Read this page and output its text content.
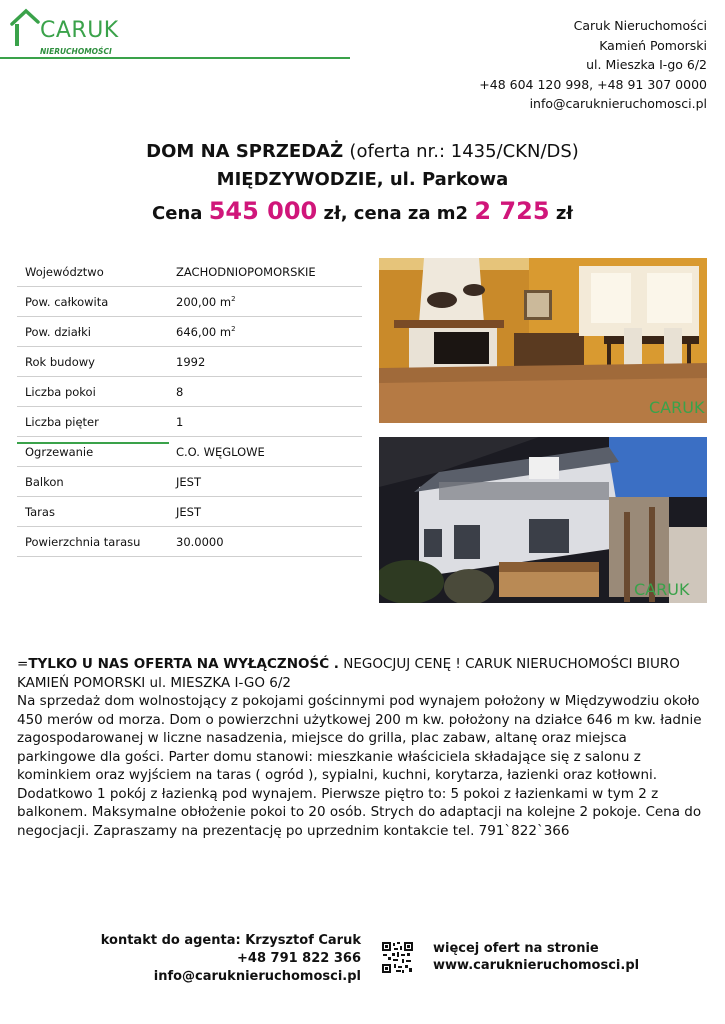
CARUK
NIERUCHOMOŚCI
Caruk Nieruchomości
Kamień Pomorski
ul. Mieszka I-go 6/2
+48 604 120 998, +48 91 307 0000
info@caruknieruchomosci.pl
DOM NA SPRZEDAŻ (oferta nr.: 1435/CKN/DS)
MIĘDZYWODZIE, ul. Parkowa
Cena 545 000 zł, cena za m2 2 725 zł
Województwo	ZACHODNIOPOMORSKIE
Pow. całkowita	200,00 $m^2$
Pow. działki	646,00 $m^2$
Rok budowy	1992
Liczba pokoi	8
Liczba pięter	1
Ogrzewanie	C.O. WĘGLOWE
Balkon	JEST
Taras	JEST
Powierzchnia tarasu	30.0000
CARUK
CARUK
=TYLKO U NAS OFERTA NA WYŁĄCZNOŚĆ . NEGOCJUJ CENĘ ! CARUK NIERUCHOMOŚCI BIURO KAMIEŃ POMORSKI ul. MIESZKA I-GO 6/2
Na sprzedaż dom wolnostojący z pokojami gościnnymi pod wynajem położony w Międzywodziu około 450 merów od morza. Dom o powierzchni użytkowej 200 m kw. położony na działce 646 m kw. ładnie zagospodarowanej w liczne nasadzenia, miejsce do grilla, plac zabaw, altanę oraz miejsca parkingowe dla gości. Parter domu stanowi: mieszkanie właściciela składające się z salonu z kominkiem oraz wyjściem na taras ( ogród ), sypialni, kuchni, korytarza, łazienki oraz kotłowni. Dodatkowo 1 pokój z łazienką pod wynajem. Pierwsze piętro to: 5 pokoi z łazienkami w tym 2 z balkonem. Maksymalne obłożenie pokoi to 20 osób. Strych do adaptacji na kolejne 2 pokoje. Cena do negocjacji. Zapraszamy na prezentację po uprzednim kontakcie tel. 791`822`366
kontakt do agenta: Krzysztof Caruk
+48 791 822 366
info@caruknieruchomosci.pl
więcej ofert na stronie
www.caruknieruchomosci.pl
